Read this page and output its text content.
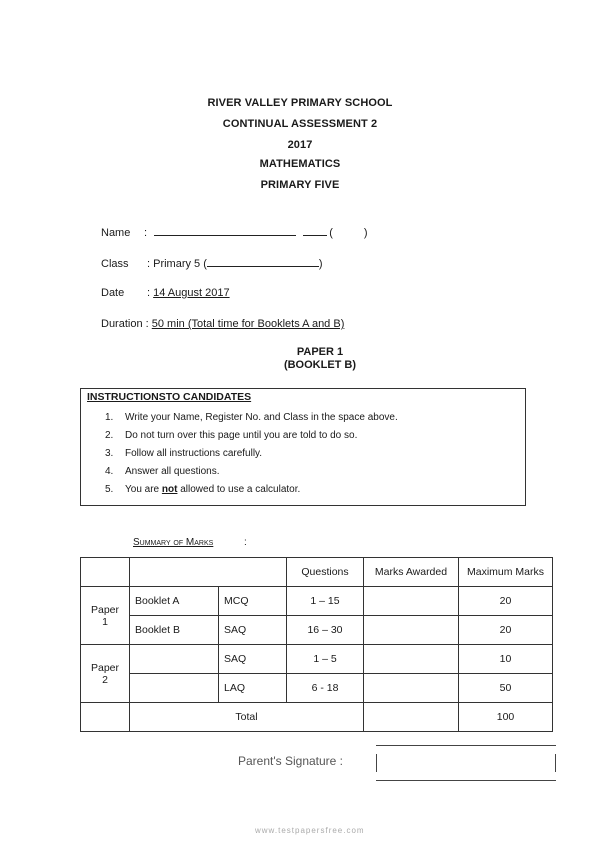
RIVER VALLEY PRIMARY SCHOOL
CONTINUAL ASSESSMENT 2
2017
MATHEMATICS
PRIMARY FIVE
Name :	(	)
Class : Primary 5 (	)
Date : 14 August 2017
Duration : 50 min (Total time for Booklets A and B)
PAPER 1
(BOOKLET B)
INSTRUCTIONSTO CANDIDATES
1. Write your Name, Register No. and Class in the space above.
2. Do not turn over this page until you are told to do so.
3. Follow all instructions carefully.
4. Answer all questions.
5. You are not allowed to use a calculator.
Summary of Marks	:
			Questions	Marks Awarded	Maximum Marks
Paper
1	Booklet A	MCQ	1 – 15		20
	Booklet B	SAQ	16 – 30		20
Paper
2		SAQ	1 – 5		10
		LAQ	6 - 18		50
	Total				100
Parent's Signature :
www.testpapersfree.com
